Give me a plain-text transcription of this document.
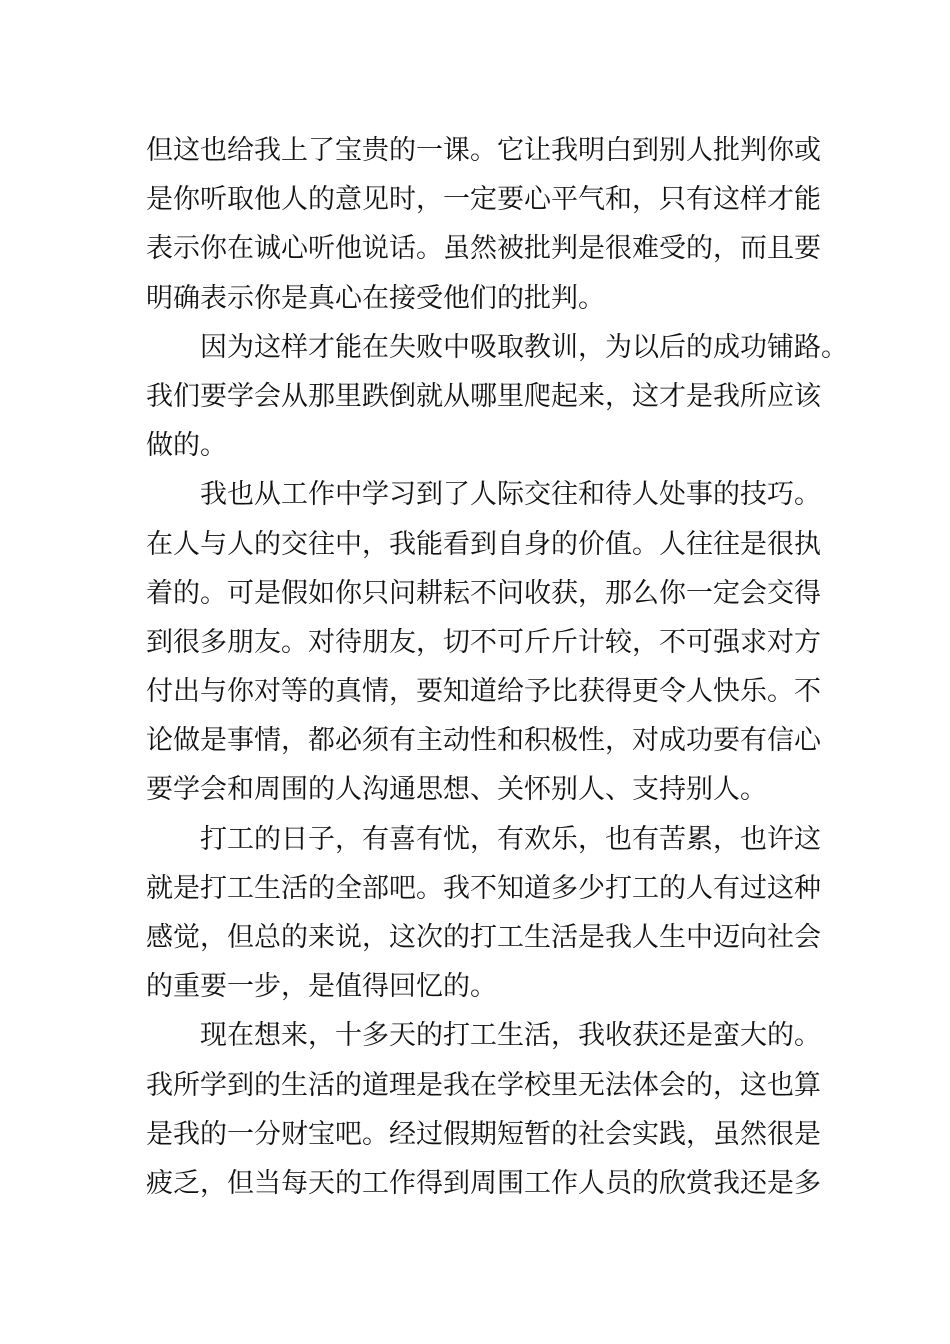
但这也给我上了宝贵的一课。它让我明白到别人批判你或
是你听取他人的意见时，一定要心平气和，只有这样才能
表示你在诚心听他说话。虽然被批判是很难受的，而且要
明确表示你是真心在接受他们的批判。

因为这样才能在失败中吸取教训，为以后的成功铺路。
我们要学会从那里跌倒就从哪里爬起来，这才是我所应该
做的。

我也从工作中学习到了人际交往和待人处事的技巧。
在人与人的交往中，我能看到自身的价值。人往往是很执
着的。可是假如你只问耕耘不问收获，那么你一定会交得
到很多朋友。对待朋友，切不可斤斤计较，不可强求对方
付出与你对等的真情，要知道给予比获得更令人快乐。不
论做是事情，都必须有主动性和积极性，对成功要有信心
要学会和周围的人沟通思想、关怀别人、支持别人。

打工的日子，有喜有忧，有欢乐，也有苦累，也许这
就是打工生活的全部吧。我不知道多少打工的人有过这种
感觉，但总的来说，这次的打工生活是我人生中迈向社会
的重要一步，是值得回忆的。

现在想来，十多天的打工生活，我收获还是蛮大的。
我所学到的生活的道理是我在学校里无法体会的，这也算
是我的一分财宝吧。经过假期短暂的社会实践，虽然很是
疲乏，但当每天的工作得到周围工作人员的欣赏我还是多
